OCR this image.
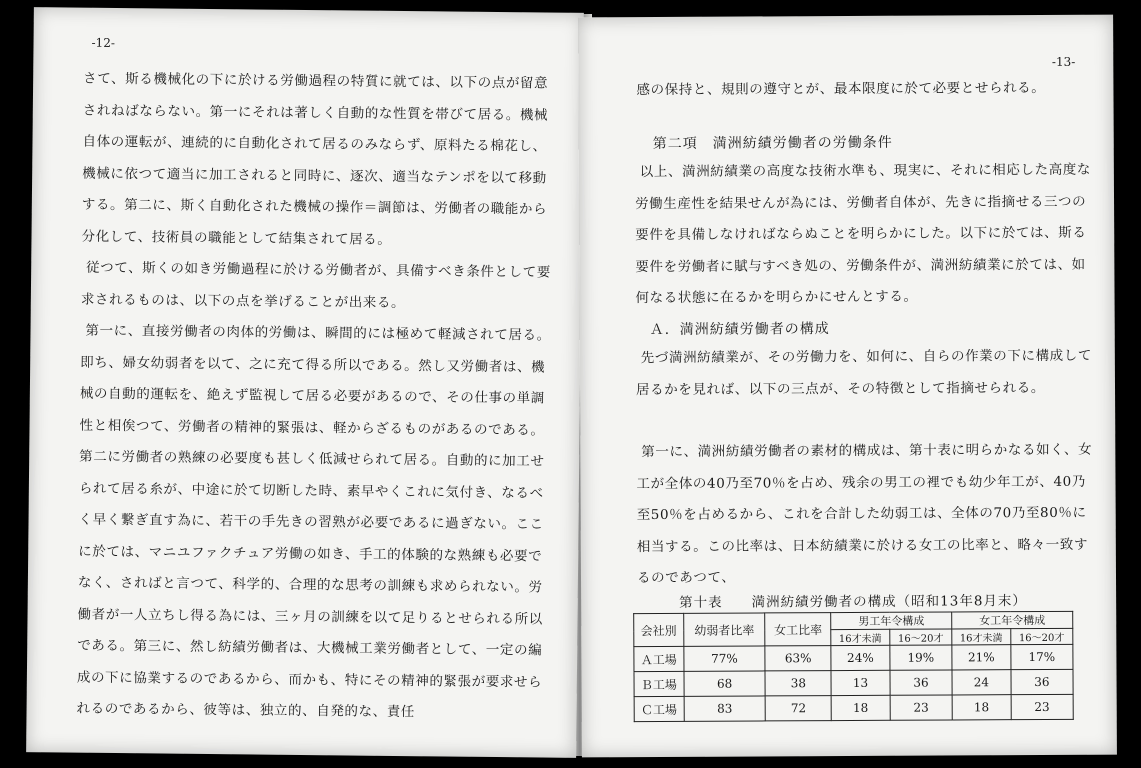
-12-
さて、斯る機械化の下に於ける労働過程の特質に就ては、以下の点が留意されねばならない。第一にそれは著しく自動的な性質を帯びて居る。機械自体の運転が、連続的に自動化されて居るのみならず、原料たる棉花し、機械に依つて適当に加工されると同時に、逐次、適当なテンポを以て移動する。第二に、斯く自動化された機械の操作＝調節は、労働者の職能から分化して、技術員の職能として結集されて居る。
従つて、斯くの如き労働過程に於ける労働者が、具備すべき条件として要求されるものは、以下の点を挙げることが出来る。
第一に、直接労働者の肉体的労働は、瞬間的には極めて軽減されて居る。即ち、婦女幼弱者を以て、之に充て得る所以である。然し又労働者は、機械の自動的運転を、絶えず監視して居る必要があるので、その仕事の単調性と相俟つて、労働者の精神的緊張は、軽からざるものがあるのである。第二に労働者の熟練の必要度も甚しく低減せられて居る。自動的に加工せられて居る糸が、中途に於て切断した時、素早やくこれに気付き、なるべく早く繋ぎ直す為に、若干の手先きの習熟が必要であるに過ぎない。ここに於ては、マニユファクチュア労働の如き、手工的体験的な熟練も必要でなく、さればと言つて、科学的、合理的な思考の訓練も求められない。労働者が一人立ちし得る為には、三ヶ月の訓練を以て足りるとせられる所以である。第三に、然し紡績労働者は、大機械工業労働者として、一定の編成の下に協業するのであるから、而かも、特にその精神的緊張が要求せられるのであるから、彼等は、独立的、自発的な、責任
-13-
感の保持と、規則の遵守とが、最本限度に於て必要とせられる。
第二項　満洲紡績労働者の労働条件
以上、満洲紡績業の高度な技術水準も、現実に、それに相応した高度な労働生産性を結果せんが為には、労働者自体が、先きに指摘せる三つの要件を具備しなければならぬことを明らかにした。以下に於ては、斯る要件を労働者に賦与すべき処の、労働条件が、満洲紡績業に於ては、如何なる状態に在るかを明らかにせんとする。
Ａ．満洲紡績労働者の構成
先づ満洲紡績業が、その労働力を、如何に、自らの作業の下に構成して居るかを見れば、以下の三点が、その特徴として指摘せられる。
第一に、満洲紡績労働者の素材的構成は、第十表に明らかなる如く、女工が全体の40乃至70％を占め、残余の男工の裡でも幼少年工が、40乃至50％を占めるから、これを合計した幼弱工は、全体の70乃至80％に相当する。この比率は、日本紡績業に於ける女工の比率と、略々一致するのであつて、
第十表　　満洲紡績労働者の構成（昭和13年8月末）
会社別	幼弱者比率	女工比率	男工年令構成		女工年令構成	
			16才未満	16～20才	16才未満	16～20才
Ａ工場	77%	63%	24%	19%	21%	17%
Ｂ工場	68	38	13	36	24	36
Ｃ工場	83	72	18	23	18	23
